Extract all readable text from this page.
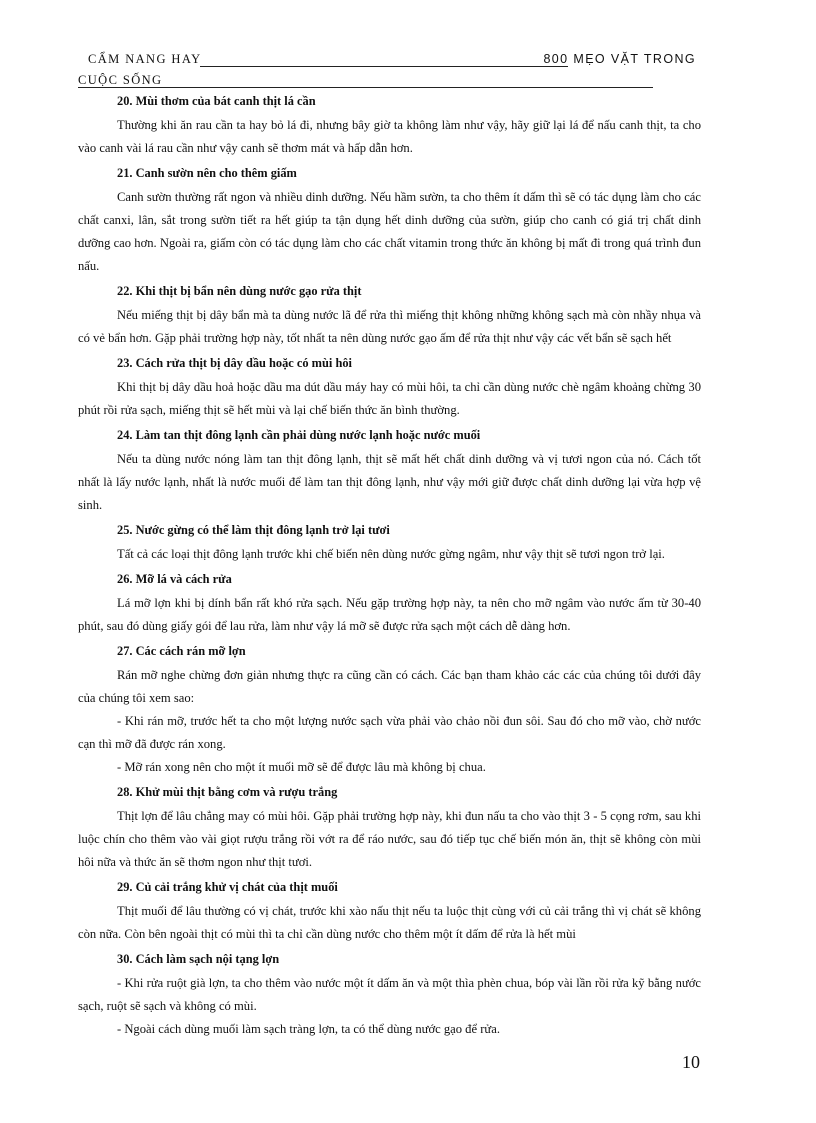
CẨM NANG HAY	800 MẸO VẶT TRONG
CUỘC SỐNG
20. Mùi thơm của bát canh thịt lá cần

Thường khi ăn rau cần ta hay bỏ lá đi, nhưng bây giờ ta không làm như vậy, hãy giữ lại lá để nấu canh thịt, ta cho vào canh vài lá rau cần như vậy canh sẽ thơm mát và hấp dẫn hơn.

21. Canh sườn nên cho thêm giấm

Canh sườn thường rất ngon và nhiều dinh dưỡng. Nếu hầm sườn, ta cho thêm ít dấm thì sẽ có tác dụng làm cho các chất canxi, lân, sắt trong sườn tiết ra hết giúp ta tận dụng hết dinh dưỡng của sườn, giúp cho canh có giá trị chất dinh dưỡng cao hơn. Ngoài ra, giấm còn có tác dụng làm cho các chất vitamin trong thức ăn không bị mất đi trong quá trình đun nấu.

22. Khi thịt bị bẩn nên dùng nước gạo rửa thịt

Nếu miếng thịt bị dây bẩn mà ta dùng nước lã để rửa thì miếng thịt không những không sạch mà còn nhầy nhụa và có vẻ bẩn hơn. Gặp phải trường hợp này, tốt nhất ta nên dùng nước gạo ấm để rửa thịt như vậy các vết bẩn sẽ sạch hết

23. Cách rửa thịt bị dây dầu hoặc có mùi hôi

Khi thịt bị dây dầu hoả hoặc dầu ma dút dầu máy hay có mùi hôi, ta chỉ cần dùng nước chè ngâm khoảng chừng 30 phút rồi rửa sạch, miếng thịt sẽ hết mùi và lại chế biến thức ăn bình thường.

24. Làm tan thịt đông lạnh cần phải dùng nước lạnh hoặc nước muối

Nếu ta dùng nước nóng làm tan thịt đông lạnh, thịt sẽ mất hết chất dinh dưỡng và vị tươi ngon của nó. Cách tốt nhất là lấy nước lạnh, nhất là nước muối để làm tan thịt đông lạnh, như vậy mới giữ được chất dinh dưỡng lại vừa hợp vệ sinh.

25. Nước gừng có thể làm thịt đông lạnh trở lại tươi

Tất cả các loại thịt đông lạnh trước khi chế biến nên dùng nước gừng ngâm, như vậy thịt sẽ tươi ngon trở lại.

26. Mỡ lá và cách rửa

Lá mỡ lợn khi bị dính bẩn rất khó rửa sạch. Nếu gặp trường hợp này, ta nên cho mỡ ngâm vào nước ấm từ 30-40 phút, sau đó dùng giấy gói để lau rửa, làm như vậy lá mỡ sẽ được rửa sạch một cách dễ dàng hơn.

27. Các cách rán mỡ lợn

Rán mỡ nghe chừng đơn giản nhưng thực ra cũng cần có cách. Các bạn tham khảo các các của chúng tôi dưới đây của chúng tôi xem sao:

- Khi rán mỡ, trước hết ta cho một lượng nước sạch vừa phải vào chảo nồi đun sôi. Sau đó cho mỡ vào, chờ nước cạn thì mỡ đã được rán xong.

- Mỡ rán xong nên cho một ít muối mỡ sẽ để được lâu mà không bị chua.

28. Khử mùi thịt bằng cơm và rượu trắng

Thịt lợn để lâu chẳng may có mùi hôi. Gặp phải trường hợp này, khi đun nấu ta cho vào thịt 3 - 5 cọng rơm, sau khi luộc chín cho thêm vào vài giọt rượu trắng rồi vớt ra để ráo nước, sau đó tiếp tục chế biến món ăn, thịt sẽ không còn mùi hôi nữa và thức ăn sẽ thơm ngon như thịt tươi.

29. Củ cải trắng khử vị chát của thịt muối

Thịt muối để lâu thường có vị chát, trước khi xào nấu thịt nếu ta luộc thịt cùng với củ cải trắng thì vị chát sẽ không còn nữa. Còn bên ngoài thịt có mùi thì ta chỉ cần dùng nước cho thêm một ít dấm để rửa là hết mùi

30. Cách làm sạch nội tạng lợn

- Khi rửa ruột già lợn, ta cho thêm vào nước một ít dấm ăn và một thìa phèn chua, bóp vài lần rồi rửa kỹ bằng nước sạch, ruột sẽ sạch và không có mùi.

- Ngoài cách dùng muối làm sạch tràng lợn, ta có thể dùng nước gạo để rửa.

10
